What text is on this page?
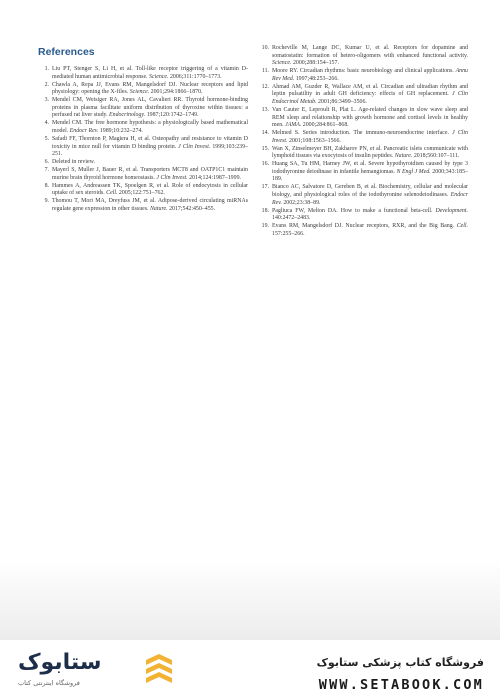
References
1. Liu PT, Stenger S, Li H, et al. Toll-like receptor triggering of a vitamin D-mediated human antimicrobial response. Science. 2006;311:1770–1773.
2. Chawla A, Repa JJ, Evans RM, Mangelsdorf DJ. Nuclear receptors and lipid physiology: opening the X-files. Science. 2001;294:1866–1870.
3. Mendel CM, Weisiger RA, Jones AL, Cavalieri RR. Thyroid hormone-binding proteins in plasma facilitate uniform distribution of thyroxine within tissues: a perfused rat liver study. Endocrinology. 1987;120:1742–1749.
4. Mendel CM. The free hormone hypothesis: a physiologically based mathematical model. Endocr Rev. 1989;10:232–274.
5. Safadi FF, Thornton P, Magiera H, et al. Osteopathy and resistance to vitamin D toxicity in mice null for vitamin D binding protein. J Clin Invest. 1999;103:239–251.
6. Deleted in review.
7. Mayerl S, Muller J, Bauer R, et al. Transporters MCT8 and OATP1C1 maintain murine brain thyroid hormone homeostasis. J Clin Invest. 2014;124:1987–1999.
8. Hammes A, Andreassen TK, Spoelgen R, et al. Role of endocytosis in cellular uptake of sex steroids. Cell. 2005;122:751–762.
9. Thomou T, Mori MA, Dreyfuss JM, et al. Adipose-derived circulating miRNAs regulate gene expression in other tissues. Nature. 2017;542:450–455.
10. Rocheville M, Lange DC, Kumar U, et al. Receptors for dopamine and somatostatin: formation of hetero-oligomers with enhanced functional activity. Science. 2000;288:154–157.
11. Moore RY. Circadian rhythms: basic neurobiology and clinical applications. Annu Rev Med. 1997;48:253–266.
12. Ahmad AM, Guzder R, Wallace AM, et al. Circadian and ultradian rhythm and leptin pulsatility in adult GH deficiency: effects of GH replacement. J Clin Endocrinol Metab. 2001;86:3499–3506.
13. Van Cauter E, Leproult R, Plat L. Age-related changes in slow wave sleep and REM sleep and relationship with growth hormone and cortisol levels in healthy men. JAMA. 2000;284:861–868.
14. Melmed S. Series introduction. The immuno-neuroendocrine interface. J Clin Invest. 2001;108:1563–1566.
15. Wan X, Zinselmeyer BH, Zakharov PN, et al. Pancreatic islets communicate with lymphoid tissues via exocytosis of insulin peptides. Nature. 2018;560:107–111.
16. Huang SA, Tu HM, Harney JW, et al. Severe hypothyroidism caused by type 3 iodothyronine deiodinase in infantile hemangiomas. N Engl J Med. 2000;343:185–189.
17. Bianco AC, Salvatore D, Gereben B, et al. Biochemistry, cellular and molecular biology, and physiological roles of the iodothyronine selenodeiodinases. Endocr Rev. 2002;23:38–89.
18. Pagliuca FW, Melton DA. How to make a functional beta-cell. Development. 140:2472–2483.
19. Evans RM, Mangelsdorf DJ. Nuclear receptors, RXR, and the Big Bang. Cell. 157:255–266.
ستابوک
فروشگاه اینترنتی کتاب
فروشگاه کتاب پزشکی ستابوک
WWW.SETABOOK.COM
